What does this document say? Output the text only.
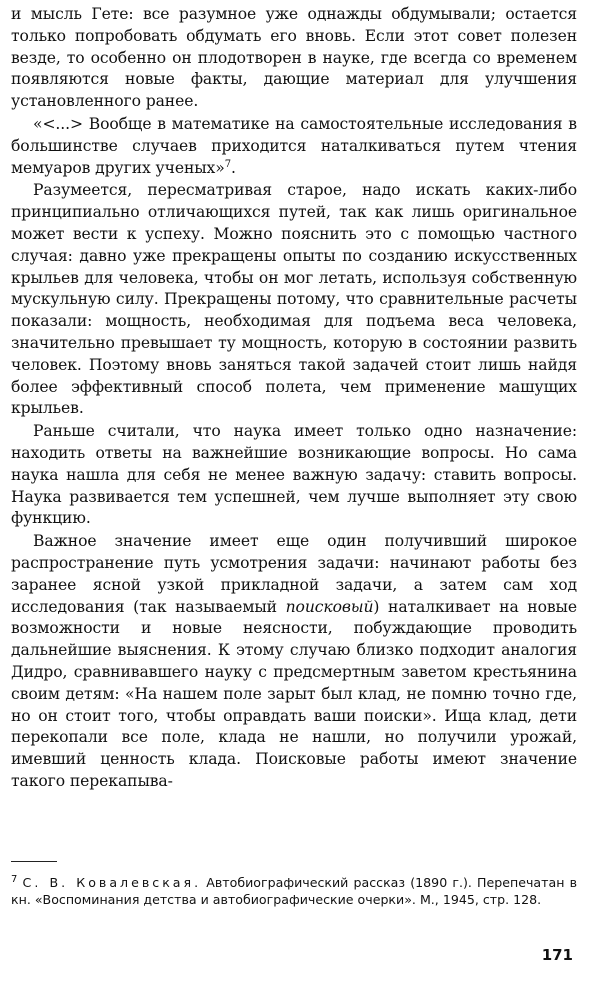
и мысль Гете: все разумное уже однажды обдумывали; остается только попробовать обдумать его вновь. Если этот совет полезен везде, то особенно он плодотворен в науке, где всегда со временем появляются новые факты, дающие материал для улучшения установленного ранее.

«<...> Вообще в математике на самостоятельные исследования в большинстве случаев приходится наталкиваться путем чтения мемуаров других ученых»$^7$.

Разумеется, пересматривая старое, надо искать каких-либо принципиально отличающихся путей, так как лишь оригинальное может вести к успеху. Можно пояснить это с помощью частного случая: давно уже прекращены опыты по созданию искусственных крыльев для человека, чтобы он мог летать, используя собственную мускульную силу. Прекращены потому, что сравнительные расчеты показали: мощность, необходимая для подъема веса человека, значительно превышает ту мощность, которую в состоянии развить человек. Поэтому вновь заняться такой задачей стоит лишь найдя более эффективный способ полета, чем применение машущих крыльев.

Раньше считали, что наука имеет только одно назначение: находить ответы на важнейшие возникающие вопросы. Но сама наука нашла для себя не менее важную задачу: ставить вопросы. Наука развивается тем успешней, чем лучше выполняет эту свою функцию.

Важное значение имеет еще один получивший широкое распространение путь усмотрения задачи: начинают работы без заранее ясной узкой прикладной задачи, а затем сам ход исследования (так называемый поисковый) наталкивает на новые возможности и новые неясности, побуждающие проводить дальнейшие выяснения. К этому случаю близко подходит аналогия Дидро, сравнивавшего науку с предсмертным заветом крестьянина своим детям: «На нашем поле зарыт был клад, не помню точно где, но он стоит того, чтобы оправдать ваши поиски». Ища клад, дети перекопали все поле, клада не нашли, но получили урожай, имевший ценность клада. Поисковые работы имеют значение такого перекапыва-

$^7$ С. В. Ковалевская. Автобиографический рассказ (1890 г.). Перепечатан в кн. «Воспоминания детства и автобиографические очерки». М., 1945, стр. 128.
171
